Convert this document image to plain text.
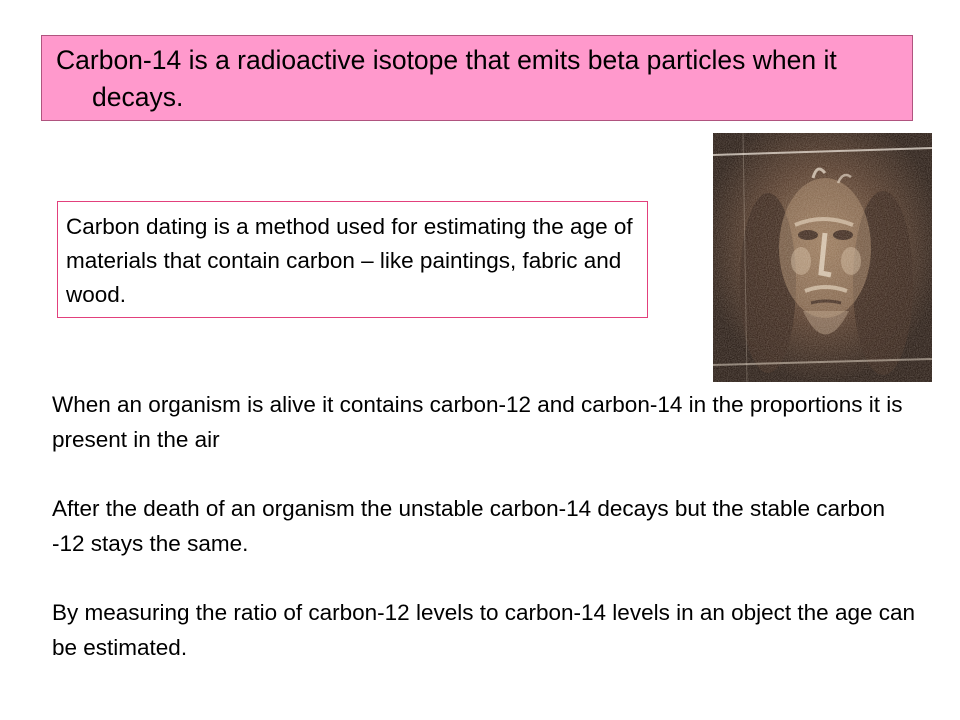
Carbon-14 is a radioactive isotope that emits beta particles when it decays.

Carbon dating is a method used for estimating the age of materials that contain carbon – like paintings, fabric and wood.

When an organism is alive it contains carbon-12 and carbon-14 in the proportions it is present in the air

After the death of an organism the unstable carbon-14 decays but the stable carbon -12 stays the same.

By measuring the ratio of carbon-12 levels to carbon-14 levels in an object the age can be estimated.
